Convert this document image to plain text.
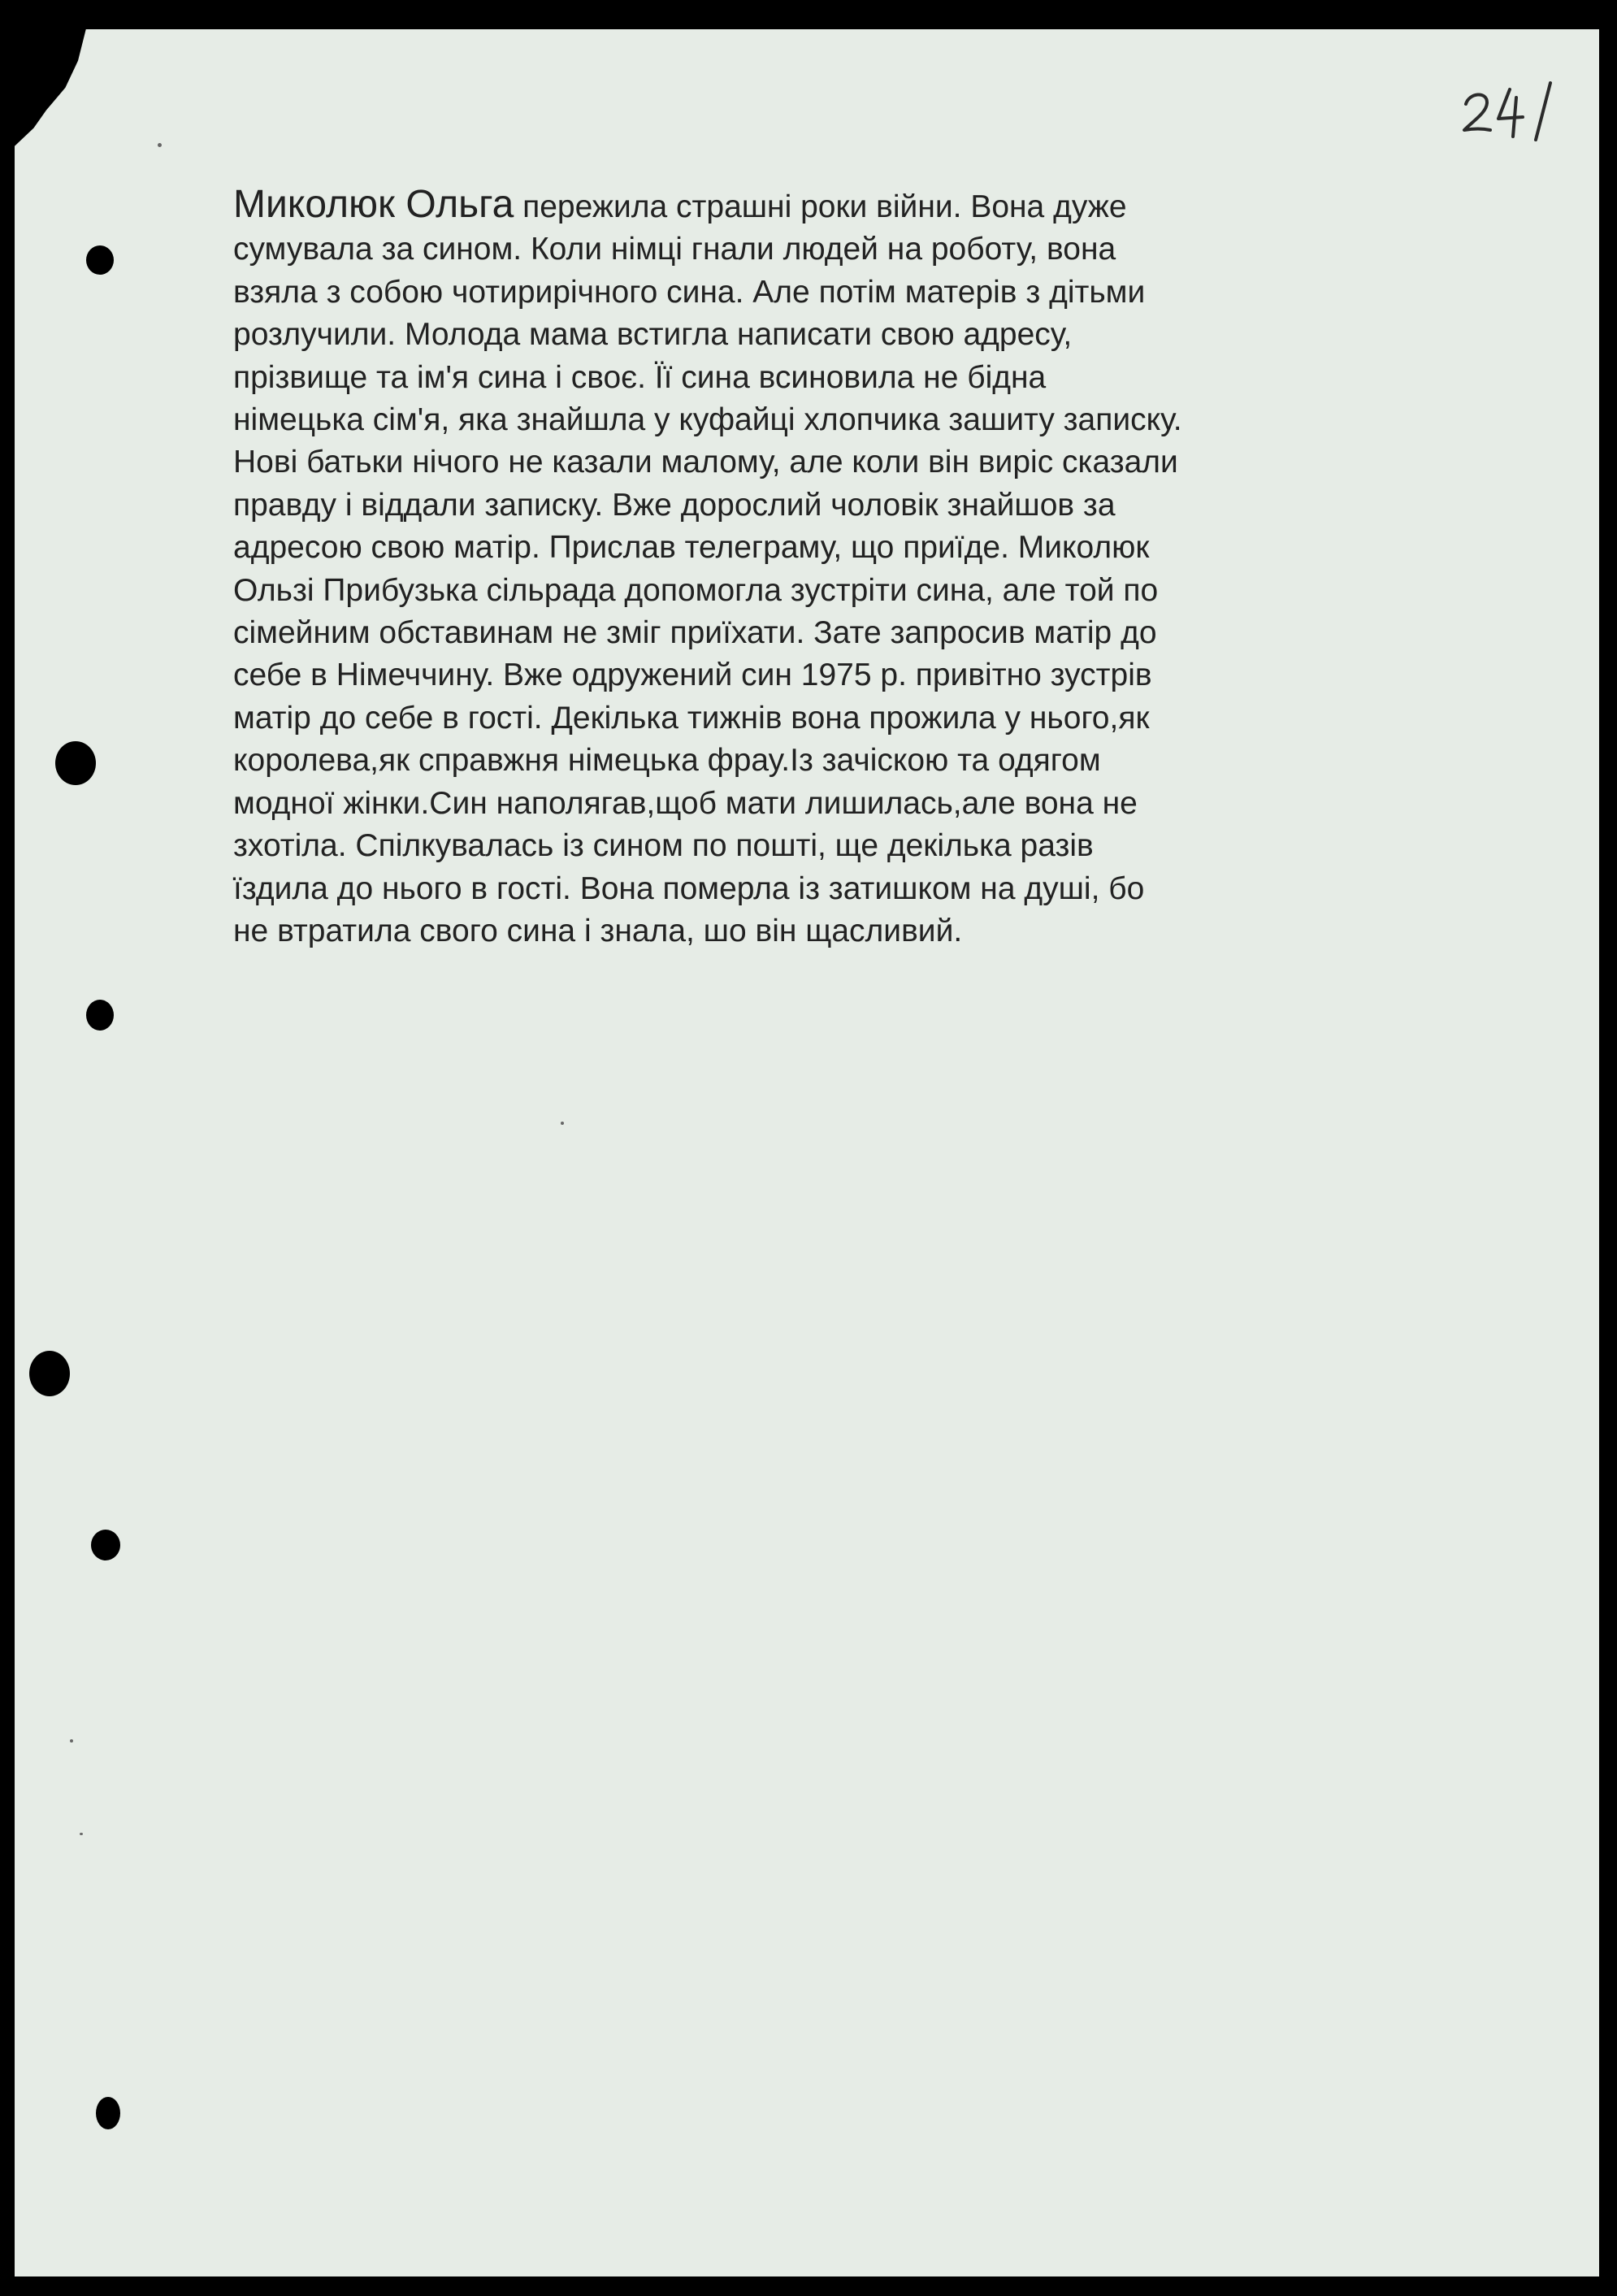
Миколюк Ольга пережила страшні роки війни. Вона дуже
сумувала за сином. Коли німці гнали людей на роботу, вона
взяла з собою чотирирічного сина. Але потім матерів з дітьми
розлучили. Молода мама встигла написати свою адресу,
прізвище та ім'я сина і своє. Її сина всиновила не бідна
німецька сім'я, яка знайшла у куфайці хлопчика зашиту записку.
Нові батьки нічого не казали малому, але коли він виріс сказали
правду і віддали записку. Вже дорослий чоловік знайшов за
адресою свою матір. Прислав телеграму, що приїде. Миколюк
Ользі Прибузька сільрада допомогла зустріти сина, але той по
сімейним обставинам не зміг приїхати. Зате запросив матір до
себе в Німеччину. Вже одружений син 1975 р. привітно зустрів
матір до себе в гості. Декілька тижнів вона прожила у нього,як
королева,як справжня німецька фрау.Із зачіскою та одягом
модної жінки.Син наполягав,щоб мати лишилась,але вона не
зхотіла. Спілкувалась із сином по пошті, ще декілька разів
їздила до нього в гості. Вона померла із затишком на душі, бо
не втратила свого сина і знала, шо він щасливий.
